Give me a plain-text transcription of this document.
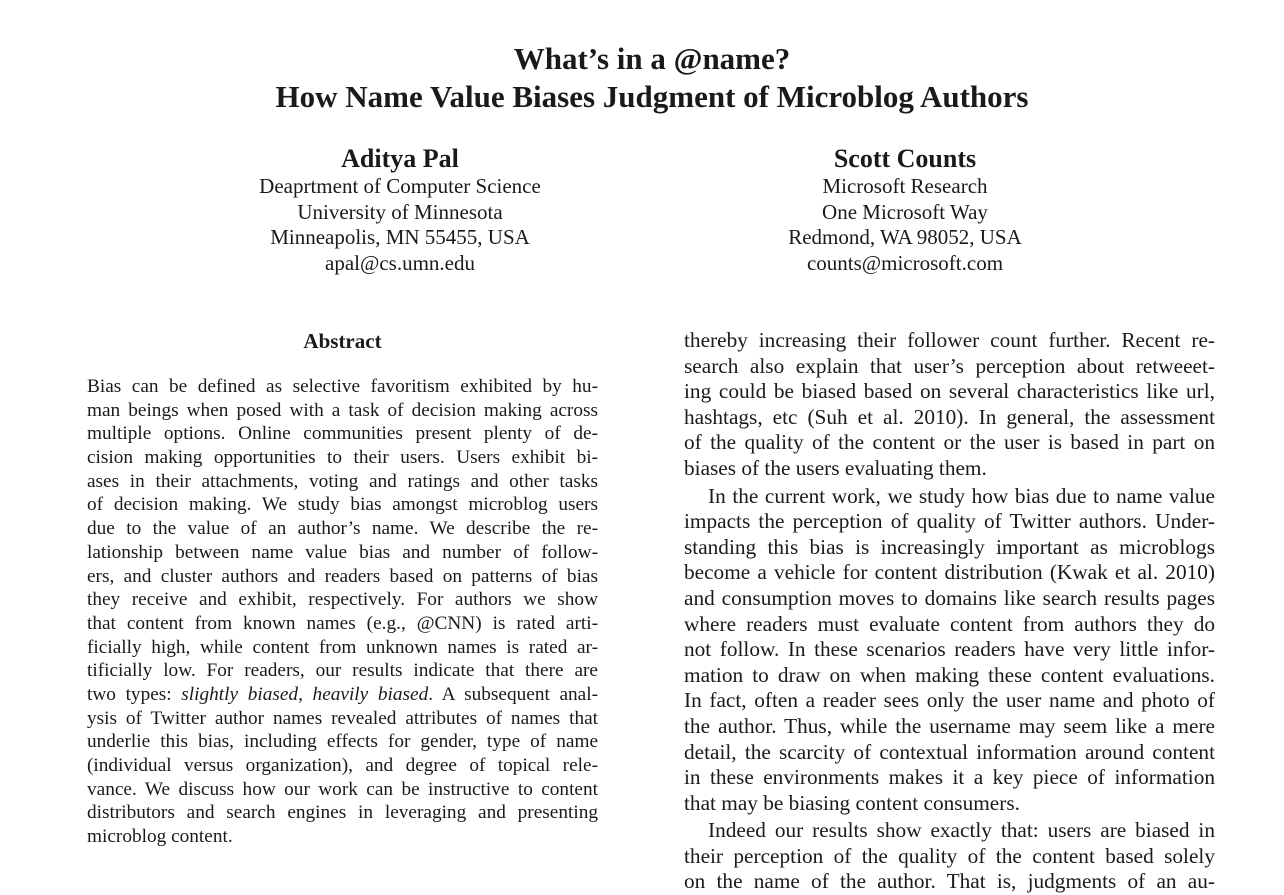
What’s in a @name?
How Name Value Biases Judgment of Microblog Authors
Aditya Pal
Deaprtment of Computer Science
University of Minnesota
Minneapolis, MN 55455, USA
apal@cs.umn.edu
Scott Counts
Microsoft Research
One Microsoft Way
Redmond, WA 98052, USA
counts@microsoft.com
Abstract
Bias can be defined as selective favoritism exhibited by hu-
man beings when posed with a task of decision making across
multiple options. Online communities present plenty of de-
cision making opportunities to their users. Users exhibit bi-
ases in their attachments, voting and ratings and other tasks
of decision making. We study bias amongst microblog users
due to the value of an author’s name. We describe the re-
lationship between name value bias and number of follow-
ers, and cluster authors and readers based on patterns of bias
they receive and exhibit, respectively. For authors we show
that content from known names (e.g., @CNN) is rated arti-
ficially high, while content from unknown names is rated ar-
tificially low. For readers, our results indicate that there are
two types: slightly biased, heavily biased. A subsequent anal-
ysis of Twitter author names revealed attributes of names that
underlie this bias, including effects for gender, type of name
(individual versus organization), and degree of topical rele-
vance. We discuss how our work can be instructive to content
distributors and search engines in leveraging and presenting
microblog content.
thereby increasing their follower count further. Recent re-
search also explain that user’s perception about retweeet-
ing could be biased based on several characteristics like url,
hashtags, etc (Suh et al. 2010). In general, the assessment
of the quality of the content or the user is based in part on
biases of the users evaluating them.
In the current work, we study how bias due to name value
impacts the perception of quality of Twitter authors. Under-
standing this bias is increasingly important as microblogs
become a vehicle for content distribution (Kwak et al. 2010)
and consumption moves to domains like search results pages
where readers must evaluate content from authors they do
not follow. In these scenarios readers have very little infor-
mation to draw on when making these content evaluations.
In fact, often a reader sees only the user name and photo of
the author. Thus, while the username may seem like a mere
detail, the scarcity of contextual information around content
in these environments makes it a key piece of information
that may be biasing content consumers.
Indeed our results show exactly that: users are biased in
their perception of the quality of the content based solely
on the name of the author. That is, judgments of an au-
